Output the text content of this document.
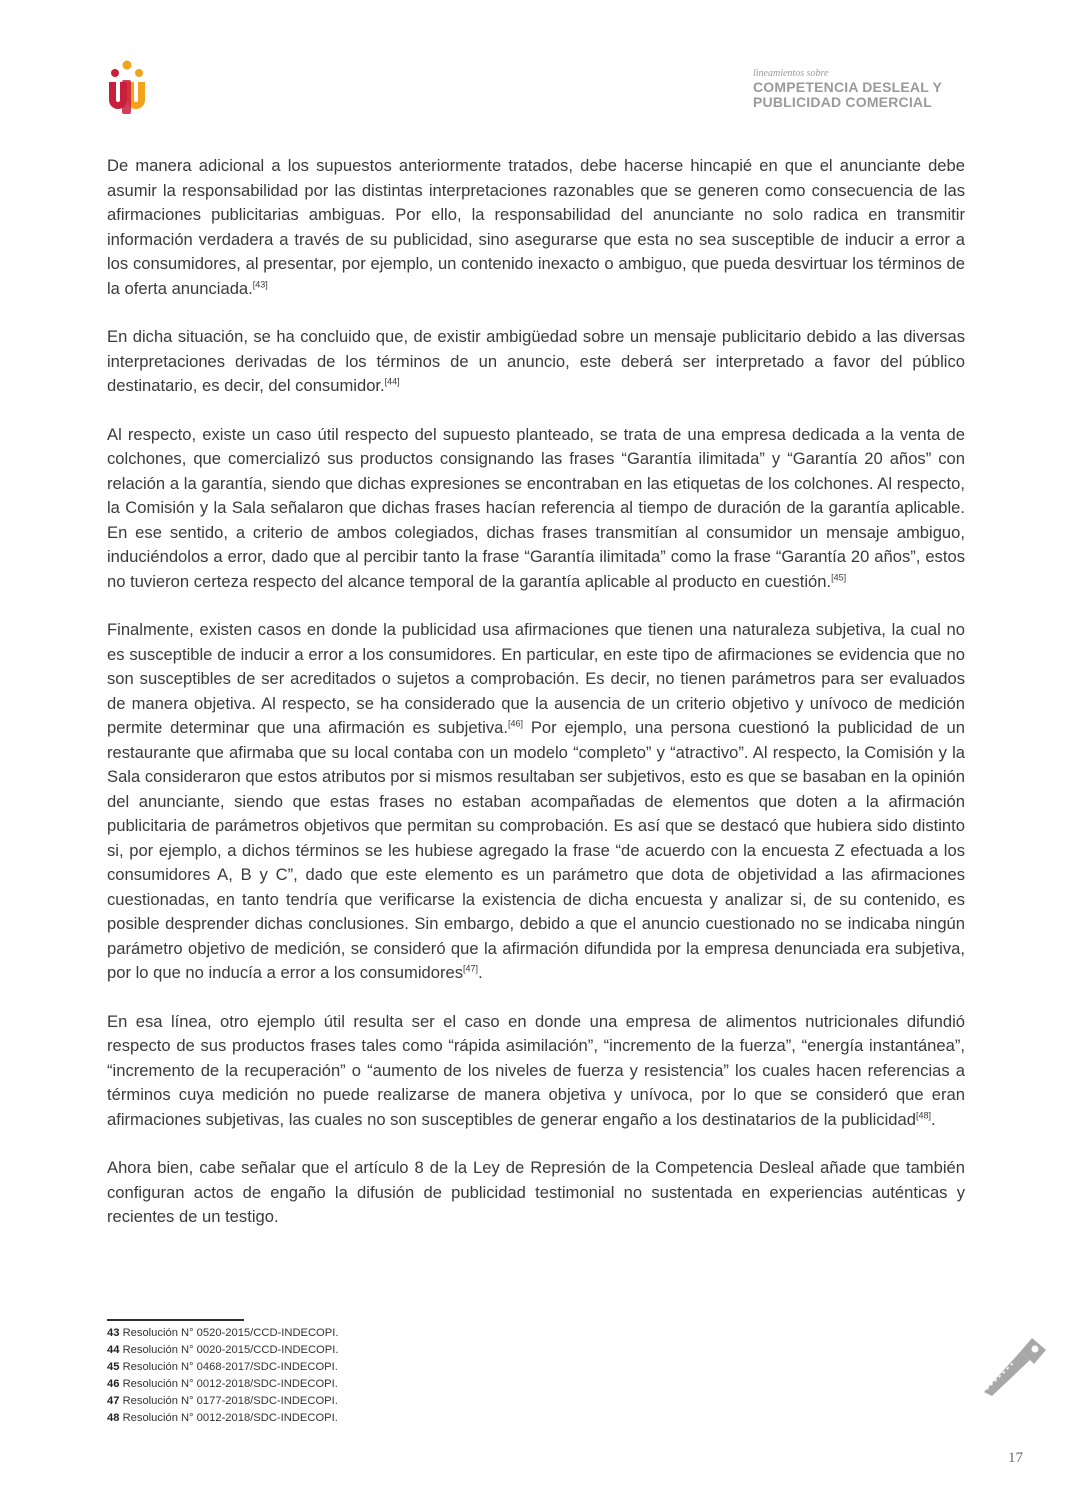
lineamientos sobre
COMPETENCIA DESLEAL Y
PUBLICIDAD COMERCIAL

De manera adicional a los supuestos anteriormente tratados, debe hacerse hincapié en que el anunciante debe asumir la responsabilidad por las distintas interpretaciones razonables que se generen como consecuencia de las afirmaciones publicitarias ambiguas. Por ello, la responsabilidad del anunciante no solo radica en transmitir información verdadera a través de su publicidad, sino asegurarse que esta no sea susceptible de inducir a error a los consumidores, al presentar, por ejemplo, un contenido inexacto o ambiguo, que pueda desvirtuar los términos de la oferta anunciada.[43]

En dicha situación, se ha concluido que, de existir ambigüedad sobre un mensaje publicitario debido a las diversas interpretaciones derivadas de los términos de un anuncio, este deberá ser interpretado a favor del público destinatario, es decir, del consumidor.[44]

Al respecto, existe un caso útil respecto del supuesto planteado, se trata de una empresa dedicada a la venta de colchones, que comercializó sus productos consignando las frases “Garantía ilimitada” y “Garantía 20 años” con relación a la garantía, siendo que dichas expresiones se encontraban en las etiquetas de los colchones. Al respecto, la Comisión y la Sala señalaron que dichas frases hacían referencia al tiempo de duración de la garantía aplicable. En ese sentido, a criterio de ambos colegiados, dichas frases transmitían al consumidor un mensaje ambiguo, induciéndolos a error, dado que al percibir tanto la frase “Garantía ilimitada” como la frase “Garantía 20 años”, estos no tuvieron certeza respecto del alcance temporal de la garantía aplicable al producto en cuestión.[45]

Finalmente, existen casos en donde la publicidad usa afirmaciones que tienen una naturaleza subjetiva, la cual no es susceptible de inducir a error a los consumidores. En particular, en este tipo de afirmaciones se evidencia que no son susceptibles de ser acreditados o sujetos a comprobación. Es decir, no tienen parámetros para ser evaluados de manera objetiva. Al respecto, se ha considerado que la ausencia de un criterio objetivo y unívoco de medición permite determinar que una afirmación es subjetiva.[46] Por ejemplo, una persona cuestionó la publicidad de un restaurante que afirmaba que su local contaba con un modelo “completo” y “atractivo”. Al respecto, la Comisión y la Sala consideraron que estos atributos por si mismos resultaban ser subjetivos, esto es que se basaban en la opinión del anunciante, siendo que estas frases no estaban acompañadas de elementos que doten a la afirmación publicitaria de parámetros objetivos que permitan su comprobación. Es así que se destacó que hubiera sido distinto si, por ejemplo, a dichos términos se les hubiese agregado la frase “de acuerdo con la encuesta Z efectuada a los consumidores A, B y C”, dado que este elemento es un parámetro que dota de objetividad a las afirmaciones cuestionadas, en tanto tendría que verificarse la existencia de dicha encuesta y analizar si, de su contenido, es posible desprender dichas conclusiones. Sin embargo, debido a que el anuncio cuestionado no se indicaba ningún parámetro objetivo de medición, se consideró que la afirmación difundida por la empresa denunciada era subjetiva, por lo que no inducía a error a los consumidores[47].

En esa línea, otro ejemplo útil resulta ser el caso en donde una empresa de alimentos nutricionales difundió respecto de sus productos frases tales como “rápida asimilación”, “incremento de la fuerza”, “energía instantánea”, “incremento de la recuperación” o “aumento de los niveles de fuerza y resistencia” los cuales hacen referencias a términos cuya medición no puede realizarse de manera objetiva y unívoca, por lo que se consideró que eran afirmaciones subjetivas, las cuales no son susceptibles de generar engaño a los destinatarios de la publicidad[48].

Ahora bien, cabe señalar que el artículo 8 de la Ley de Represión de la Competencia Desleal añade que también configuran actos de engaño la difusión de publicidad testimonial no sustentada en experiencias auténticas y recientes de un testigo.

43 Resolución N° 0520-2015/CCD-INDECOPI.
44 Resolución N° 0020-2015/CCD-INDECOPI.
45 Resolución N° 0468-2017/SDC-INDECOPI.
46 Resolución N° 0012-2018/SDC-INDECOPI.
47 Resolución N° 0177-2018/SDC-INDECOPI.
48 Resolución N° 0012-2018/SDC-INDECOPI.
17
